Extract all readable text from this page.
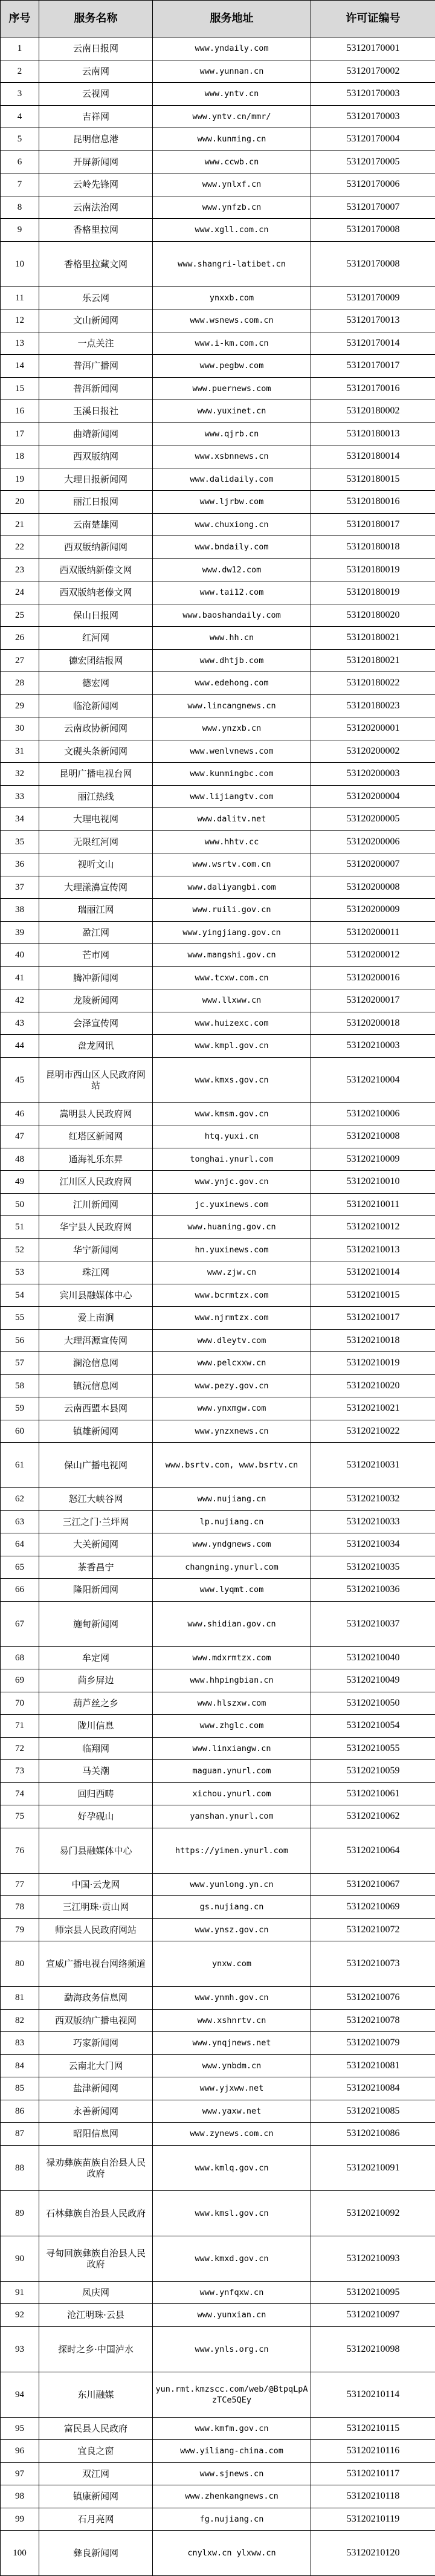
序号	服务名称	服务地址	许可证编号
1	云南日报网	www.yndaily.com	53120170001
2	云南网	www.yunnan.cn	53120170002
3	云视网	www.yntv.cn	53120170003
4	吉祥网	www.yntv.cn/mmr/	53120170003
5	昆明信息港	www.kunming.cn	53120170004
6	开屏新闻网	www.ccwb.cn	53120170005
7	云岭先锋网	www.ynlxf.cn	53120170006
8	云南法治网	www.ynfzb.cn	53120170007
9	香格里拉网	www.xgll.com.cn	53120170008
10	香格里拉藏文网	www.shangri-latibet.cn	53120170008
11	乐云网	ynxxb.com	53120170009
12	文山新闻网	www.wsnews.com.cn	53120170013
13	一点关注	www.i-km.com.cn	53120170014
14	普洱广播网	www.pegbw.com	53120170017
15	普洱新闻网	www.puernews.com	53120170016
16	玉溪日报社	www.yuxinet.cn	53120180002
17	曲靖新闻网	www.qjrb.cn	53120180013
18	西双版纳网	www.xsbnnews.cn	53120180014
19	大理日报新闻网	www.dalidaily.com	53120180015
20	丽江日报网	www.ljrbw.com	53120180016
21	云南楚雄网	www.chuxiong.cn	53120180017
22	西双版纳新闻网	www.bndaily.com	53120180018
23	西双版纳新傣文网	www.dw12.com	53120180019
24	西双版纳老傣文网	www.tai12.com	53120180019
25	保山日报网	www.baoshandaily.com	53120180020
26	红河网	www.hh.cn	53120180021
27	德宏团结报网	www.dhtjb.com	53120180021
28	德宏网	www.edehong.com	53120180022
29	临沧新闻网	www.lincangnews.cn	53120180023
30	云南政协新闻网	www.ynzxb.cn	53120200001
31	文砚头条新闻网	www.wenlvnews.com	53120200002
32	昆明广播电视台网	www.kunmingbc.com	53120200003
33	丽江热线	www.lijiangtv.com	53120200004
34	大理电视网	www.dalitv.net	53120200005
35	无限红河网	www.hhtv.cc	53120200006
36	视听文山	www.wsrtv.com.cn	53120200007
37	大理漾濞宣传网	www.daliyangbi.com	53120200008
38	瑞丽江网	www.ruili.gov.cn	53120200009
39	盈江网	www.yingjiang.gov.cn	53120200011
40	芒市网	www.mangshi.gov.cn	53120200012
41	腾冲新闻网	www.tcxw.com.cn	53120200016
42	龙陵新闻网	www.llxww.cn	53120200017
43	会泽宣传网	www.huizexc.com	53120200018
44	盘龙网讯	www.kmpl.gov.cn	53120210003
45	昆明市西山区人民政府网站	www.kmxs.gov.cn	53120210004
46	嵩明县人民政府网	www.kmsm.gov.cn	53120210006
47	红塔区新闻网	htq.yuxi.cn	53120210008
48	通海礼乐东昇	tonghai.ynurl.com	53120210009
49	江川区人民政府网	www.ynjc.gov.cn	53120210010
50	江川新闻网	jc.yuxinews.com	53120210011
51	华宁县人民政府网	www.huaning.gov.cn	53120210012
52	华宁新闻网	hn.yuxinews.com	53120210013
53	珠江网	www.zjw.cn	53120210014
54	宾川县融媒体中心	www.bcrmtzx.com	53120210015
55	爱上南涧	www.njrmtzx.com	53120210017
56	大理洱源宣传网	www.dleytv.com	53120210018
57	澜沧信息网	www.pelcxxw.cn	53120210019
58	镇沅信息网	www.pezy.gov.cn	53120210020
59	云南西盟本县网	www.ynxmgw.com	53120210021
60	镇雄新闻网	www.ynzxnews.cn	53120210022
61	保山广播电视网	www.bsrtv.com, www.bsrtv.cn	53120210031
62	怒江大峡谷网	www.nujiang.cn	53120210032
63	三江之门·兰坪网	lp.nujiang.cn	53120210033
64	大关新闻网	www.yndgnews.com	53120210034
65	茶香昌宁	changning.ynurl.com	53120210035
66	隆阳新闻网	www.lyqmt.com	53120210036
67	施甸新闻网	www.shidian.gov.cn	53120210037
68	牟定网	www.mdxrmtzx.com	53120210040
69	茴乡屏边	www.hhpingbian.cn	53120210049
70	葫芦丝之乡	www.hlszxw.com	53120210050
71	陇川信息	www.zhglc.com	53120210054
72	临翔网	www.linxiangw.cn	53120210055
73	马关潮	maguan.ynurl.com	53120210059
74	回归西畴	xichou.ynurl.com	53120210061
75	好孕砚山	yanshan.ynurl.com	53120210062
76	易门县融媒体中心	https://yimen.ynurl.com	53120210064
77	中国·云龙网	www.yunlong.yn.cn	53120210067
78	三江明珠·贡山网	gs.nujiang.cn	53120210069
79	师宗县人民政府网站	www.ynsz.gov.cn	53120210072
80	宣威广播电视台网络频道	ynxw.com	53120210073
81	勐海政务信息网	www.ynmh.gov.cn	53120210076
82	西双版纳广播电视网	www.xshnrtv.cn	53120210078
83	巧家新闻网	www.ynqjnews.net	53120210079
84	云南北大门网	www.ynbdm.cn	53120210081
85	盐津新闻网	www.yjxww.net	53120210084
86	永善新闻网	www.yaxw.net	53120210085
87	昭阳信息网	www.zynews.com.cn	53120210086
88	禄劝彝族苗族自治县人民政府	www.kmlq.gov.cn	53120210091
89	石林彝族自治县人民政府	www.kmsl.gov.cn	53120210092
90	寻甸回族彝族自治县人民政府	www.kmxd.gov.cn	53120210093
91	凤庆网	www.ynfqxw.cn	53120210095
92	沧江明珠·云县	www.yunxian.cn	53120210097
93	探时之乡·中国泸水	www.ynls.org.cn	53120210098
94	东川融媒	yun.rmt.kmzscc.com/web/@BtpqLpAzTCe5QEy	53120210114
95	富民县人民政府	www.kmfm.gov.cn	53120210115
96	宜良之窗	www.yiliang-china.com	53120210116
97	双江网	www.sjnews.cn	53120210117
98	镇康新闻网	www.zhenkangnews.cn	53120210118
99	石月亮网	fg.nujiang.cn	53120210119
100	彝良新闻网	cnylxw.cn ylxww.cn	53120210120
